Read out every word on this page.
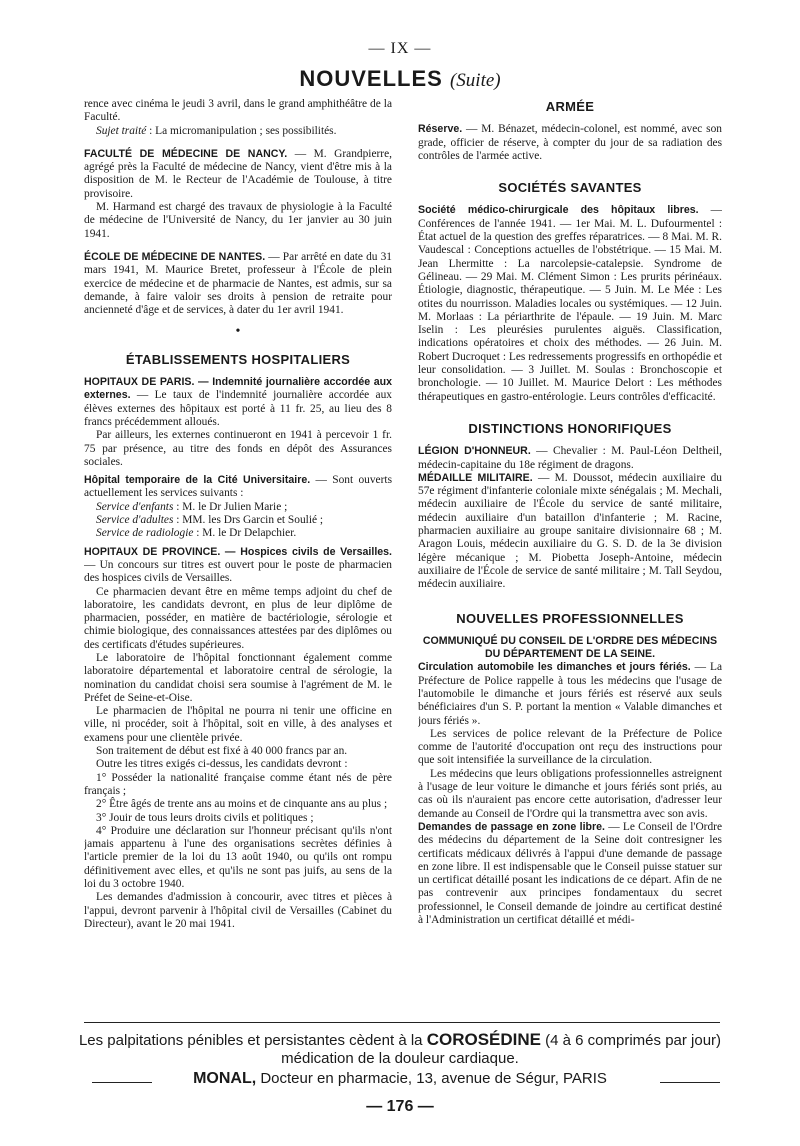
— IX —
NOUVELLES (Suite)

rence avec cinéma le jeudi 3 avril, dans le grand amphithéâtre de la Faculté.

Sujet traité : La micromanipulation ; ses possibilités.

FACULTÉ DE MÉDECINE DE NANCY. — M. Grandpierre, agrégé près la Faculté de médecine de Nancy, vient d'être mis à la disposition de M. le Recteur de l'Académie de Toulouse, à titre provisoire.

M. Harmand est chargé des travaux de physiologie à la Faculté de médecine de l'Université de Nancy, du 1er janvier au 30 juin 1941.

ÉCOLE DE MÉDECINE DE NANTES. — Par arrêté en date du 31 mars 1941, M. Maurice Bretet, professeur à l'École de plein exercice de médecine et de pharmacie de Nantes, est admis, sur sa demande, à faire valoir ses droits à pension de retraite pour ancienneté d'âge et de services, à dater du 1er avril 1941.

•
ÉTABLISSEMENTS HOSPITALIERS

HOPITAUX DE PARIS. — Indemnité journalière accordée aux externes. — Le taux de l'indemnité journalière accordée aux élèves externes des hôpitaux est porté à 11 fr. 25, au lieu des 8 francs précédemment alloués.

Par ailleurs, les externes continueront en 1941 à percevoir 1 fr. 75 par présence, au titre des fonds en dépôt des Assurances sociales.

Hôpital temporaire de la Cité Universitaire. — Sont ouverts actuellement les services suivants :

Service d'enfants : M. le Dr Julien Marie ;

Service d'adultes : MM. les Drs Garcin et Soulié ;

Service de radiologie : M. le Dr Delapchier.

HOPITAUX DE PROVINCE. — Hospices civils de Versailles. — Un concours sur titres est ouvert pour le poste de pharmacien des hospices civils de Versailles.

Ce pharmacien devant être en même temps adjoint du chef de laboratoire, les candidats devront, en plus de leur diplôme de pharmacien, posséder, en matière de bactériologie, sérologie et chimie biologique, des connaissances attestées par des diplômes ou des certificats d'études supérieures.

Le laboratoire de l'hôpital fonctionnant également comme laboratoire départemental et laboratoire central de sérologie, la nomination du candidat choisi sera soumise à l'agrément de M. le Préfet de Seine-et-Oise.

Le pharmacien de l'hôpital ne pourra ni tenir une officine en ville, ni procéder, soit à l'hôpital, soit en ville, à des analyses et examens pour une clientèle privée.

Son traitement de début est fixé à 40 000 francs par an.

Outre les titres exigés ci-dessus, les candidats devront :

1° Posséder la nationalité française comme étant nés de père français ;

2° Être âgés de trente ans au moins et de cinquante ans au plus ;

3° Jouir de tous leurs droits civils et politiques ;

4° Produire une déclaration sur l'honneur précisant qu'ils n'ont jamais appartenu à l'une des organisations secrètes définies à l'article premier de la loi du 13 août 1940, ou qu'ils ont rompu définitivement avec elles, et qu'ils ne sont pas juifs, au sens de la loi du 3 octobre 1940.

Les demandes d'admission à concourir, avec titres et pièces à l'appui, devront parvenir à l'hôpital civil de Versailles (Cabinet du Directeur), avant le 20 mai 1941.

ARMÉE

Réserve. — M. Bénazet, médecin-colonel, est nommé, avec son grade, officier de réserve, à compter du jour de sa radiation des contrôles de l'armée active.

SOCIÉTÉS SAVANTES

Société médico-chirurgicale des hôpitaux libres. — Conférences de l'année 1941. — 1er Mai. M. L. Dufourmentel : État actuel de la question des greffes réparatrices. — 8 Mai. M. R. Vaudescal : Conceptions actuelles de l'obstétrique. — 15 Mai. M. Jean Lhermitte : La narcolepsie-catalepsie. Syndrome de Gélineau. — 29 Mai. M. Clément Simon : Les prurits périnéaux. Étiologie, diagnostic, thérapeutique. — 5 Juin. M. Le Mée : Les otites du nourrisson. Maladies locales ou systémiques. — 12 Juin. M. Morlaas : La périarthrite de l'épaule. — 19 Juin. M. Marc Iselin : Les pleurésies purulentes aiguës. Classification, indications opératoires et choix des méthodes. — 26 Juin. M. Robert Ducroquet : Les redressements progressifs en orthopédie et leur consolidation. — 3 Juillet. M. Soulas : Bronchoscopie et bronchologie. — 10 Juillet. M. Maurice Delort : Les méthodes thérapeutiques en gastro-entérologie. Leurs contrôles d'efficacité.

DISTINCTIONS HONORIFIQUES

LÉGION D'HONNEUR. — Chevalier : M. Paul-Léon Deltheil, médecin-capitaine du 18e régiment de dragons.

MÉDAILLE MILITAIRE. — M. Doussot, médecin auxiliaire du 57e régiment d'infanterie coloniale mixte sénégalais ; M. Mechali, médecin auxiliaire de l'École du service de santé militaire, médecin auxiliaire d'un bataillon d'infanterie ; M. Racine, pharmacien auxiliaire au groupe sanitaire divisionnaire 68 ; M. Aragon Louis, médecin auxiliaire du G. S. D. de la 3e division légère mécanique ; M. Piobetta Joseph-Antoine, médecin auxiliaire de l'École de service de santé militaire ; M. Tall Seydou, médecin auxiliaire.

NOUVELLES PROFESSIONNELLES

COMMUNIQUÉ DU CONSEIL DE L'ORDRE DES MÉDECINS DU DÉPARTEMENT DE LA SEINE.

Circulation automobile les dimanches et jours fériés. — La Préfecture de Police rappelle à tous les médecins que l'usage de l'automobile le dimanche et jours fériés est réservé aux seuls bénéficiaires d'un S. P. portant la mention « Valable dimanches et jours fériés ».

Les services de police relevant de la Préfecture de Police comme de l'autorité d'occupation ont reçu des instructions pour que soit intensifiée la surveillance de la circulation.

Les médecins que leurs obligations professionnelles astreignent à l'usage de leur voiture le dimanche et jours fériés sont priés, au cas où ils n'auraient pas encore cette autorisation, d'adresser leur demande au Conseil de l'Ordre qui la transmettra avec son avis.

Demandes de passage en zone libre. — Le Conseil de l'Ordre des médecins du département de la Seine doit contresigner les certificats médicaux délivrés à l'appui d'une demande de passage en zone libre. Il est indispensable que le Conseil puisse statuer sur un certificat détaillé posant les indications de ce départ. Afin de ne pas contrevenir aux principes fondamentaux du secret professionnel, le Conseil demande de joindre au certificat destiné à l'Administration un certificat détaillé et médi-

Les palpitations pénibles et persistantes cèdent à la COROSÉDINE (4 à 6 comprimés par jour)
médication de la douleur cardiaque.
MONAL, Docteur en pharmacie, 13, avenue de Ségur, PARIS
— 176 —
